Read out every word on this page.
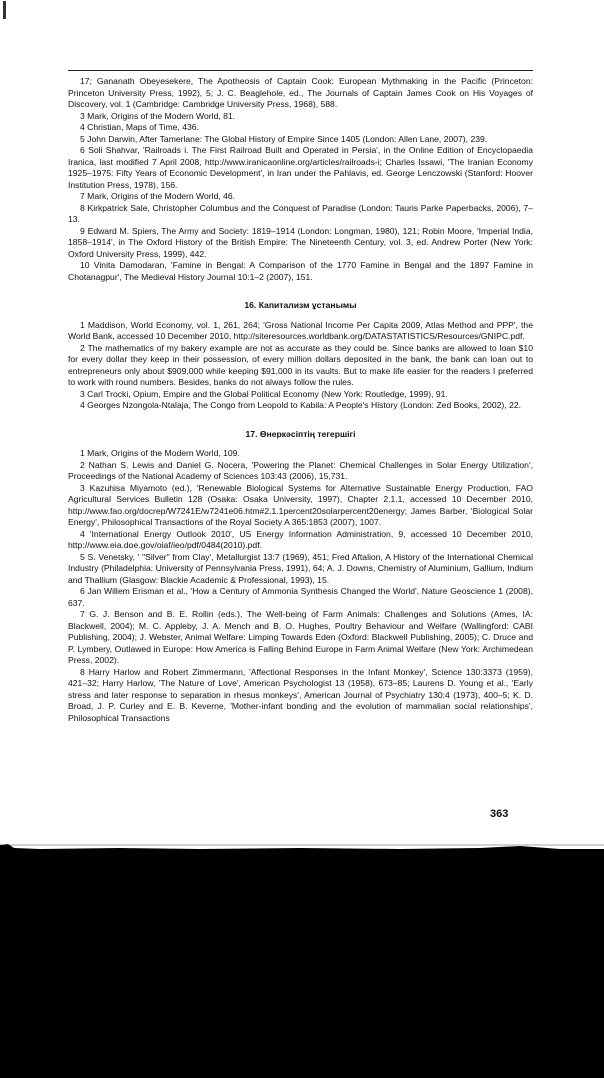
17; Gananath Obeyesekere, The Apotheosis of Captain Cook: European Mythmaking in the Pacific (Princeton: Princeton University Press, 1992), 5; J. C. Beaglehole, ed., The Journals of Captain James Cook on His Voyages of Discovery, vol. 1 (Cambridge: Cambridge University Press, 1968), 588.

3 Mark, Origins of the Modern World, 81.

4 Christian, Maps of Time, 436.

5 John Darwin, After Tamerlane: The Global History of Empire Since 1405 (London: Allen Lane, 2007), 239.

6 Soli Shahvar, 'Railroads i. The First Railroad Built and Operated in Persia', in the Online Edition of Encyclopaedia Iranica, last modified 7 April 2008, http://www.iranicaonline.org/articles/railroads-i; Charles Issawi, 'The Iranian Economy 1925–1975: Fifty Years of Economic Development', in Iran under the Pahlavis, ed. George Lenczowski (Stanford: Hoover Institution Press, 1978), 156.

7 Mark, Origins of the Modern World, 46.

8 Kirkpatrick Sale, Christopher Columbus and the Conquest of Paradise (London: Tauris Parke Paperbacks, 2006), 7–13.

9 Edward M. Spiers, The Army and Society: 1819–1914 (London: Longman, 1980), 121; Robin Moore, 'Imperial India, 1858–1914', in The Oxford History of the British Empire: The Nineteenth Century, vol. 3, ed. Andrew Porter (New York: Oxford University Press, 1999), 442.

10 Vinita Damodaran, 'Famine in Bengal: A Comparison of the 1770 Famine in Bengal and the 1897 Famine in Chotanagpur', The Medieval History Journal 10:1–2 (2007), 151.

16. Капитализм ұстанымы

1 Maddison, World Economy, vol. 1, 261, 264; 'Gross National Income Per Capita 2009, Atlas Method and PPP', the World Bank, accessed 10 December 2010, http://siteresources.worldbank.org/DATASTATISTICS/Resources/GNIPC.pdf.

2 The mathematics of my bakery example are not as accurate as they could be. Since banks are allowed to loan $10 for every dollar they keep in their possession, of every million dollars deposited in the bank, the bank can loan out to entrepreneurs only about $909,000 while keeping $91,000 in its vaults. But to make life easier for the readers I preferred to work with round numbers. Besides, banks do not always follow the rules.

3 Carl Trocki, Opium, Empire and the Global Political Economy (New York: Routledge, 1999), 91.

4 Georges Nzongola-Ntalaja, The Congo from Leopold to Kabila: A People's History (London: Zed Books, 2002), 22.

17. Өнеркәсіптің тегершігі

1 Mark, Origins of the Modern World, 109.

2 Nathan S. Lewis and Daniel G. Nocera, 'Powering the Planet: Chemical Challenges in Solar Energy Utilization', Proceedings of the National Academy of Sciences 103:43 (2006), 15,731.

3 Kazuhisa Miyamoto (ed.), 'Renewable Biological Systems for Alternative Sustainable Energy Production, FAO Agricultural Services Bulletin 128 (Osaka: Osaka University, 1997), Chapter 2.1.1, accessed 10 December 2010, http://www.fao.org/docrep/W7241E/w7241e06.htm#2.1.1percent20solarpercent20energy; James Barber, 'Biological Solar Energy', Philosophical Transactions of the Royal Society A 365:1853 (2007), 1007.

4 'International Energy Outlook 2010', US Energy Information Administration, 9, accessed 10 December 2010, http://www.eia.doe.gov/oiaf/ieo/pdf/0484(2010).pdf.

5 S. Venetsky, ' "Silver" from Clay', Metallurgist 13:7 (1969), 451; Fred Aftalion, A History of the International Chemical Industry (Philadelphia: University of Pennsylvania Press, 1991), 64; A. J. Downs, Chemistry of Aluminium, Gallium, Indium and Thallium (Glasgow: Blackie Academic & Professional, 1993), 15.

6 Jan Willem Erisman et al., 'How a Century of Ammonia Synthesis Changed the World', Nature Geoscience 1 (2008), 637.

7 G. J. Benson and B. E. Rollin (eds.), The Well-being of Farm Animals: Challenges and Solutions (Ames, IA: Blackwell, 2004); M. C. Appleby, J. A. Mench and B. O. Hughes, Poultry Behaviour and Welfare (Wallingford: CABI Publishing, 2004); J. Webster, Animal Welfare: Limping Towards Eden (Oxford: Blackwell Publishing, 2005); C. Druce and P. Lymbery, Outlawed in Europe: How America is Falling Behind Europe in Farm Animal Welfare (New York: Archimedean Press, 2002).

8 Harry Harlow and Robert Zimmermann, 'Affectional Responses in the Infant Monkey', Science 130:3373 (1959), 421–32; Harry Harlow, 'The Nature of Love', American Psychologist 13 (1958), 673–85; Laurens D. Young et al., 'Early stress and later response to separation in rhesus monkeys', American Journal of Psychiatry 130:4 (1973), 400–5; K. D. Broad, J. P. Curley and E. B. Keverne, 'Mother-infant bonding and the evolution of mammalian social relationships', Philosophical Transactions

363
